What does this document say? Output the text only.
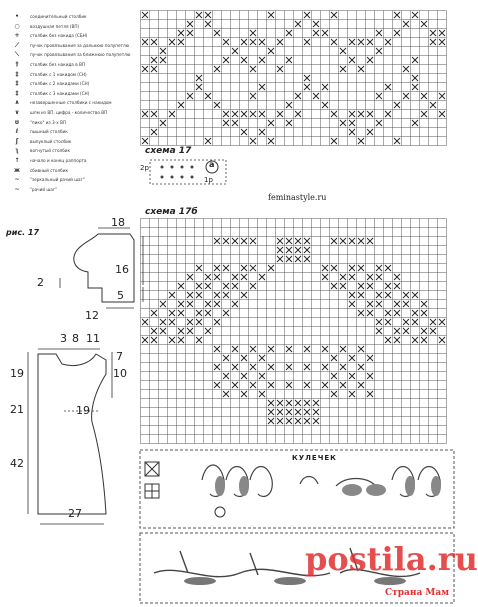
•	соединительный столбик
○ воздушная петля (ВП)
+ столбик без накида (СБН)
⟋	пучок провязывания за дальнюю полупетлю
⟍	пучок провязывания за ближнюю полупетлю
†	столбик без накида в ВП
‡	столбик с 1 накидом (СН)
‡	столбик с 2 накидами (СН)
‡	столбик с 3 накидами (СН)
∧	незавершенные столбики с накидом
∨	шпм из ВП, цифра - количество ВП
ʊ	"пико" из 3-х ВП
ℓ	пышный столбик
ʃ	выпуклый столбик
ʅ	вогнутый столбик
↑ начало и конец раппорта
ж сбивный столбик
~ "зеркальный рачий шаг"
~ "рачий шаг"
схема 17
2р	a
1р
feminastyle.ru
схема 17б
рис. 17
18
16
2
5
12
3 8 11
7
10
19
21
42
19
27
КУЛЕЧЕК
postila.ru
Страна Мам
